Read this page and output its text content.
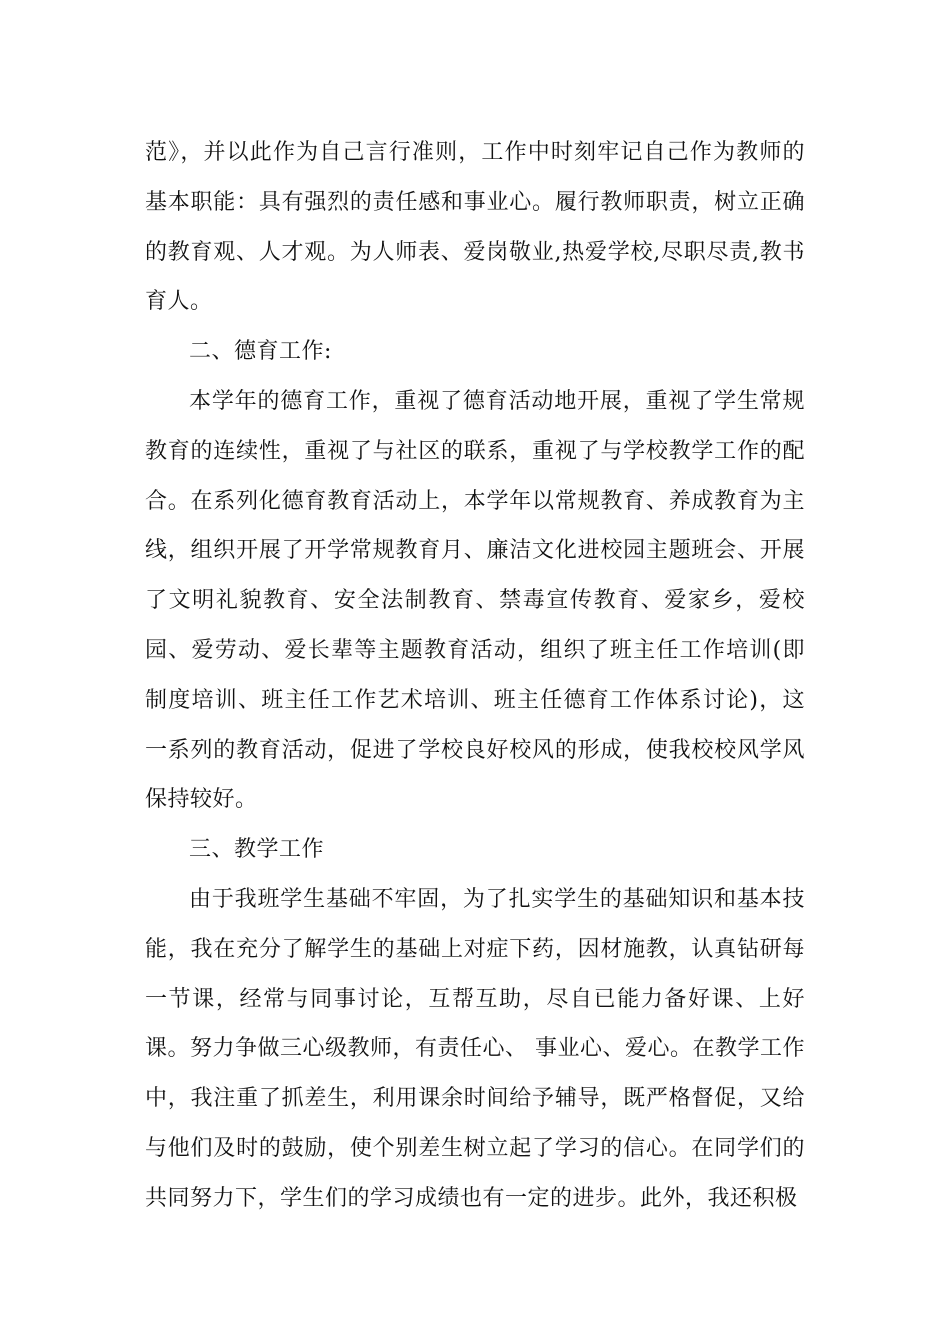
范》，并以此作为自己言行准则，工作中时刻牢记自己作为教师的基本职能：具有强烈的责任感和事业心。履行教师职责，树立正确的教育观、人才观。为人师表、爱岗敬业,热爱学校,尽职尽责,教书育人。

二、德育工作:

本学年的德育工作，重视了德育活动地开展，重视了学生常规教育的连续性，重视了与社区的联系，重视了与学校教学工作的配合。在系列化德育教育活动上，本学年以常规教育、养成教育为主线，组织开展了开学常规教育月、廉洁文化进校园主题班会、开展了文明礼貌教育、安全法制教育、禁毒宣传教育、爱家乡，爱校园、爱劳动、爱长辈等主题教育活动，组织了班主任工作培训(即制度培训、班主任工作艺术培训、班主任德育工作体系讨论)，这一系列的教育活动，促进了学校良好校风的形成，使我校校风学风保持较好。

三、教学工作

由于我班学生基础不牢固，为了扎实学生的基础知识和基本技能，我在充分了解学生的基础上对症下药，因材施教，认真钻研每一节课，经常与同事讨论，互帮互助，尽自已能力备好课、上好课。努力争做三心级教师，有责任心、 事业心、爱心。在教学工作中，我注重了抓差生，利用课余时间给予辅导，既严格督促，又给与他们及时的鼓励，使个别差生树立起了学习的信心。在同学们的共同努力下，学生们的学习成绩也有一定的进步。此外，我还积极
